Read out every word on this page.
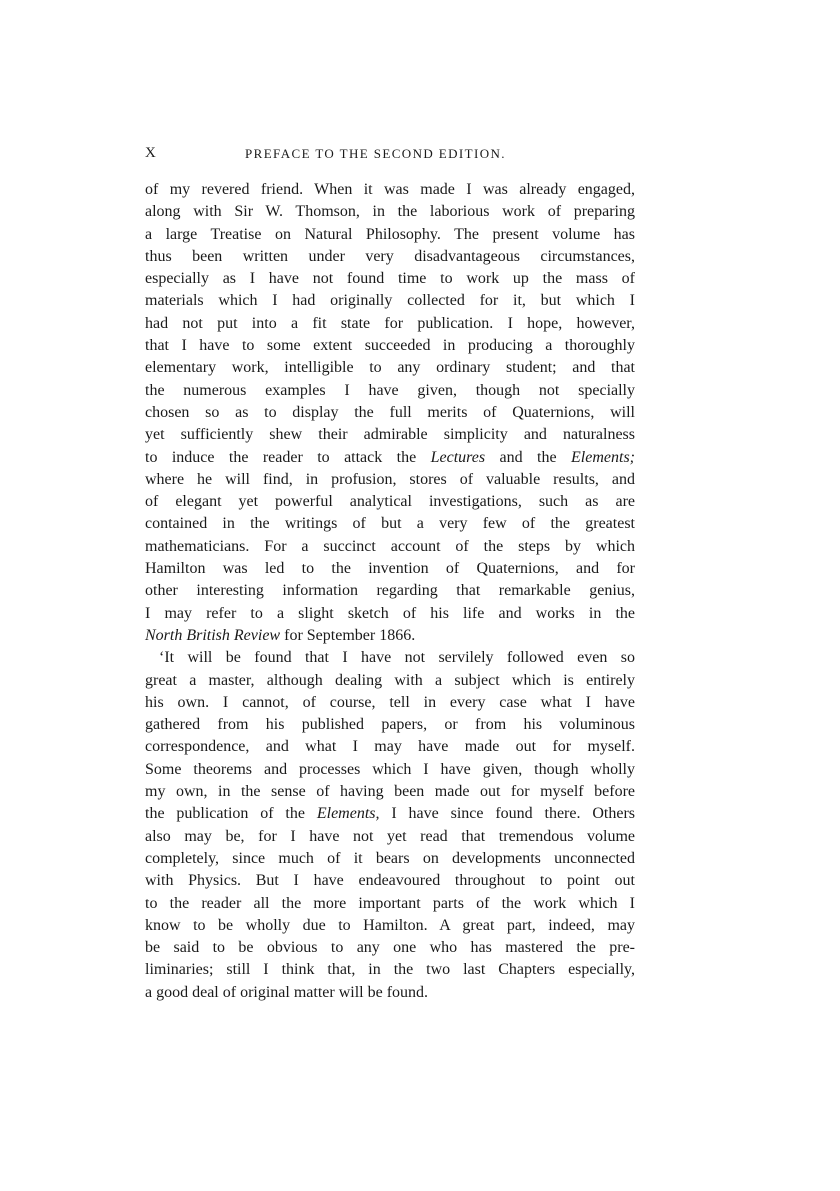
X	PREFACE TO THE SECOND EDITION.
of my revered friend. When it was made I was already engaged,
along with Sir W. Thomson, in the laborious work of preparing
a large Treatise on Natural Philosophy. The present volume has
thus been written under very disadvantageous circumstances,
especially as I have not found time to work up the mass of
materials which I had originally collected for it, but which I
had not put into a fit state for publication. I hope, however,
that I have to some extent succeeded in producing a thoroughly
elementary work, intelligible to any ordinary student; and that
the numerous examples I have given, though not specially
chosen so as to display the full merits of Quaternions, will
yet sufficiently shew their admirable simplicity and naturalness
to induce the reader to attack the Lectures and the Elements;
where he will find, in profusion, stores of valuable results, and
of elegant yet powerful analytical investigations, such as are
contained in the writings of but a very few of the greatest
mathematicians. For a succinct account of the steps by which
Hamilton was led to the invention of Quaternions, and for
other interesting information regarding that remarkable genius,
I may refer to a slight sketch of his life and works in the
North British Review for September 1866.
‘It will be found that I have not servilely followed even so
great a master, although dealing with a subject which is entirely
his own. I cannot, of course, tell in every case what I have
gathered from his published papers, or from his voluminous
correspondence, and what I may have made out for myself.
Some theorems and processes which I have given, though wholly
my own, in the sense of having been made out for myself before
the publication of the Elements, I have since found there. Others
also may be, for I have not yet read that tremendous volume
completely, since much of it bears on developments unconnected
with Physics. But I have endeavoured throughout to point out
to the reader all the more important parts of the work which I
know to be wholly due to Hamilton. A great part, indeed, may
be said to be obvious to any one who has mastered the pre-
liminaries; still I think that, in the two last Chapters especially,
a good deal of original matter will be found.
